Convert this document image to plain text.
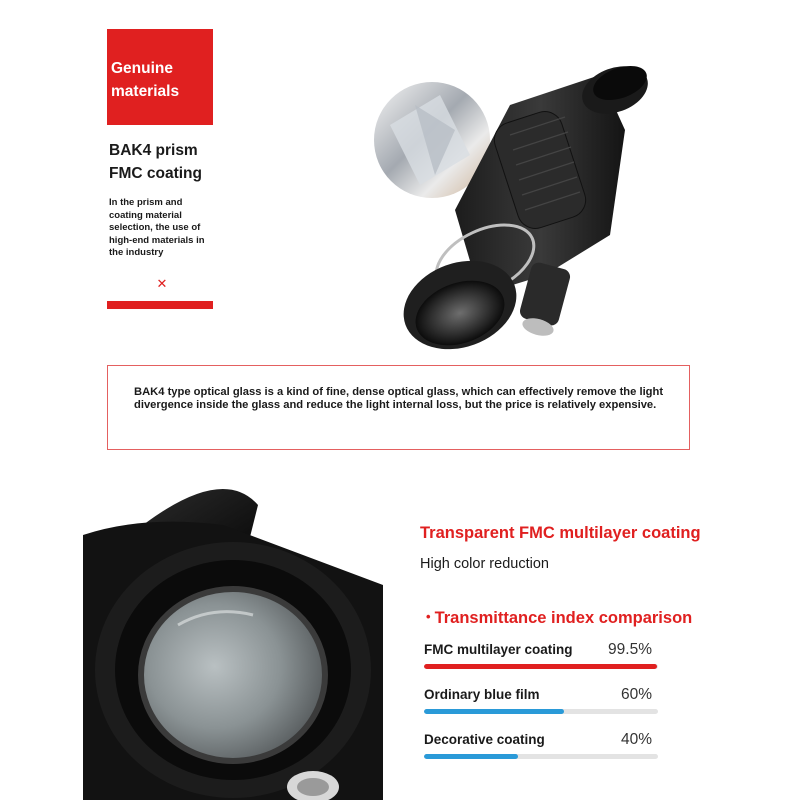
Genuine materials
BAK4 prism FMC coating
In the prism and coating material selection, the use of high-end materials in the industry
✕
BAK4 type optical glass is a kind of fine, dense optical glass, which can effectively remove the light divergence inside the glass and reduce the light internal loss, but the price is relatively expensive.
Transparent FMC multilayer coating
High color reduction
• Transmittance index comparison
FMC multilayer coating 99.5%
Ordinary blue film	60%
Decorative coating	40%
